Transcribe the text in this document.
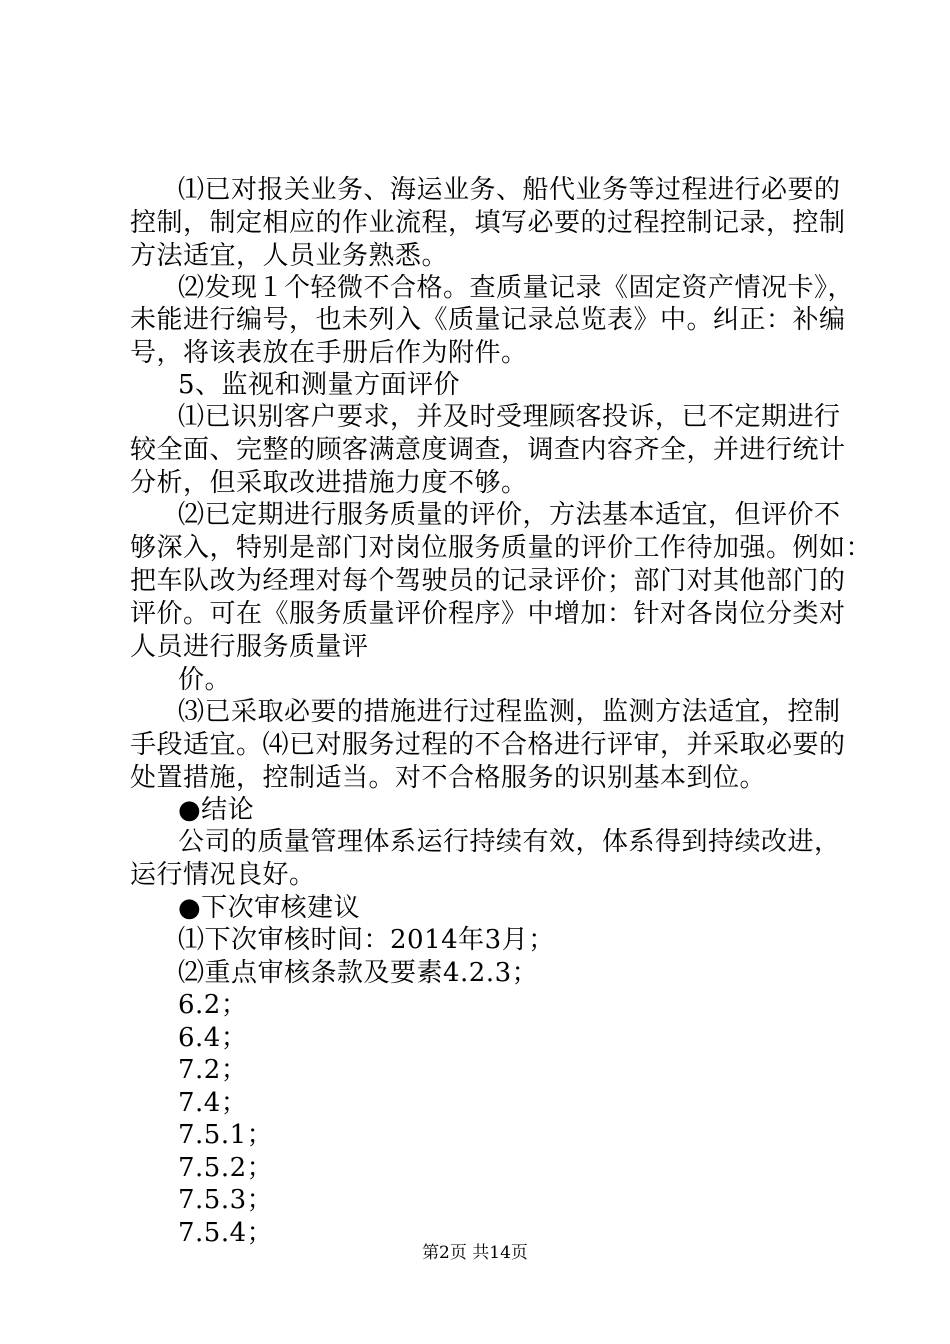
⑴已对报关业务、海运业务、船代业务等过程进行必要的
控制，制定相应的作业流程，填写必要的过程控制记录，控制
方法适宜，人员业务熟悉。
⑵发现１个轻微不合格。查质量记录《固定资产情况卡》，
未能进行编号，也未列入《质量记录总览表》中。纠正：补编
号，将该表放在手册后作为附件。
5、监视和测量方面评价
⑴已识别客户要求，并及时受理顾客投诉，已不定期进行
较全面、完整的顾客满意度调查，调查内容齐全，并进行统计
分析，但采取改进措施力度不够。
⑵已定期进行服务质量的评价，方法基本适宜，但评价不
够深入，特别是部门对岗位服务质量的评价工作待加强。例如：
把车队改为经理对每个驾驶员的记录评价；部门对其他部门的
评价。可在《服务质量评价程序》中增加：针对各岗位分类对
人员进行服务质量评
价。
⑶已采取必要的措施进行过程监测，监测方法适宜，控制
手段适宜。⑷已对服务过程的不合格进行评审，并采取必要的
处置措施，控制适当。对不合格服务的识别基本到位。
●结论
公司的质量管理体系运行持续有效，体系得到持续改进，
运行情况良好。
●下次审核建议
⑴下次审核时间：2014年3月；
⑵重点审核条款及要素4.2.3；
6.2；
6.4；
7.2；
7.4；
7.5.1；
7.5.2；
7.5.3；
7.5.4；
第2页 共14页
